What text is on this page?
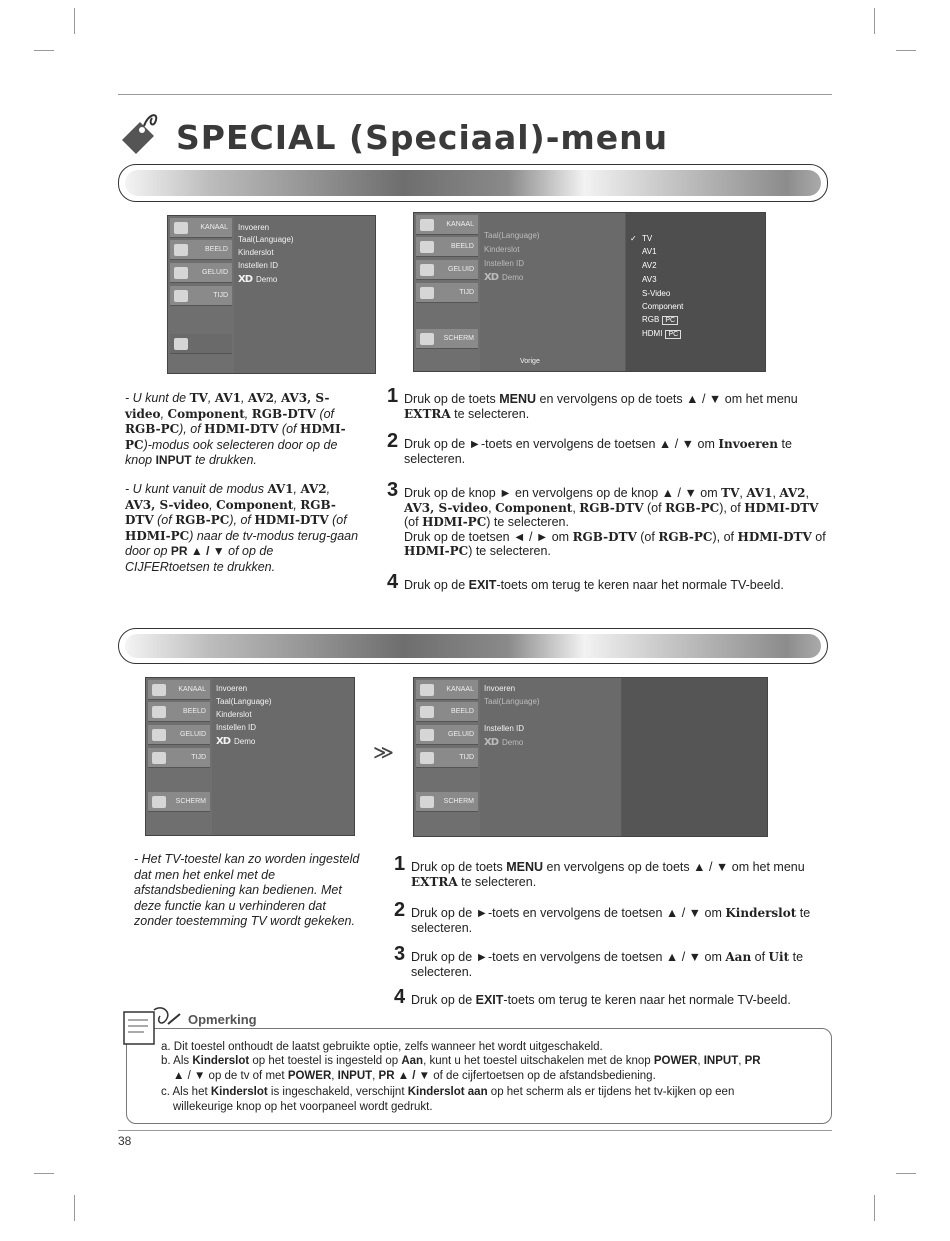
SPECIAL (Speciaal)-menu
KANAAL
BEELD
GELUID
TIJD
Invoeren
Taal(Language)
Kinderslot
Instellen ID
XD Demo
KANAAL
BEELD
GELUID
TIJD
SCHERM
Taal(Language)
Kinderslot
Instellen ID
XD Demo
Vorige
✓ TV
AV1
AV2
AV3
S-Video
Component
RGB PC
HDMI PC
- U kunt de TV, AV1, AV2, AV3, S-video, Component, RGB-DTV (of RGB-PC), of HDMI-DTV (of HDMI-PC)-modus ook selecteren door op de knop INPUT te drukken.
- U kunt vanuit de modus AV1, AV2, AV3, S-video, Component, RGB-DTV (of RGB-PC), of HDMI-DTV (of HDMI-PC) naar de tv-modus terug-gaan door op PR ▲ / ▼ of op de CIJFERtoetsen te drukken.
1 Druk op de toets MENU en vervolgens op de toets ▲ / ▼ om het menu EXTRA te selecteren.
2 Druk op de ►-toets en vervolgens de toetsen ▲ / ▼ om Invoeren te selecteren.
3 Druk op de knop ► en vervolgens op de knop ▲ / ▼ om TV, AV1, AV2, AV3, S-video, Component, RGB-DTV (of RGB-PC), of HDMI-DTV (of HDMI-PC) te selecteren.
Druk op de toetsen ◄ / ► om RGB-DTV (of RGB-PC), of HDMI-DTV of HDMI-PC) te selecteren.
4 Druk op de EXIT-toets om terug te keren naar het normale TV-beeld.
KANAAL
BEELD
GELUID
TIJD
SCHERM
Invoeren
Taal(Language)
Kinderslot
Instellen ID
XD Demo
≫
KANAAL
BEELD
GELUID
TIJD
SCHERM
Invoeren
Taal(Language)
Instellen ID
XD Demo
- Het TV-toestel kan zo worden ingesteld dat men het enkel met de afstandsbediening kan bedienen. Met deze functie kan u verhinderen dat zonder toestemming TV wordt gekeken.
1 Druk op de toets MENU en vervolgens op de toets ▲ / ▼ om het menu EXTRA te selecteren.
2 Druk op de ►-toets en vervolgens de toetsen ▲ / ▼ om Kinderslot te selecteren.
3 Druk op de ►-toets en vervolgens de toetsen ▲ / ▼ om Aan of Uit te selecteren.
4 Druk op de EXIT-toets om terug te keren naar het normale TV-beeld.
Opmerking
a. Dit toestel onthoudt de laatst gebruikte optie, zelfs wanneer het wordt uitgeschakeld.
b. Als Kinderslot op het toestel is ingesteld op Aan, kunt u het toestel uitschakelen met de knop POWER, INPUT, PR
▲ / ▼ op de tv of met POWER, INPUT, PR ▲ / ▼ of de cijfertoetsen op de afstandsbediening.
c. Als het Kinderslot is ingeschakeld, verschijnt Kinderslot aan op het scherm als er tijdens het tv-kijken op een
willekeurige knop op het voorpaneel wordt gedrukt.
38
